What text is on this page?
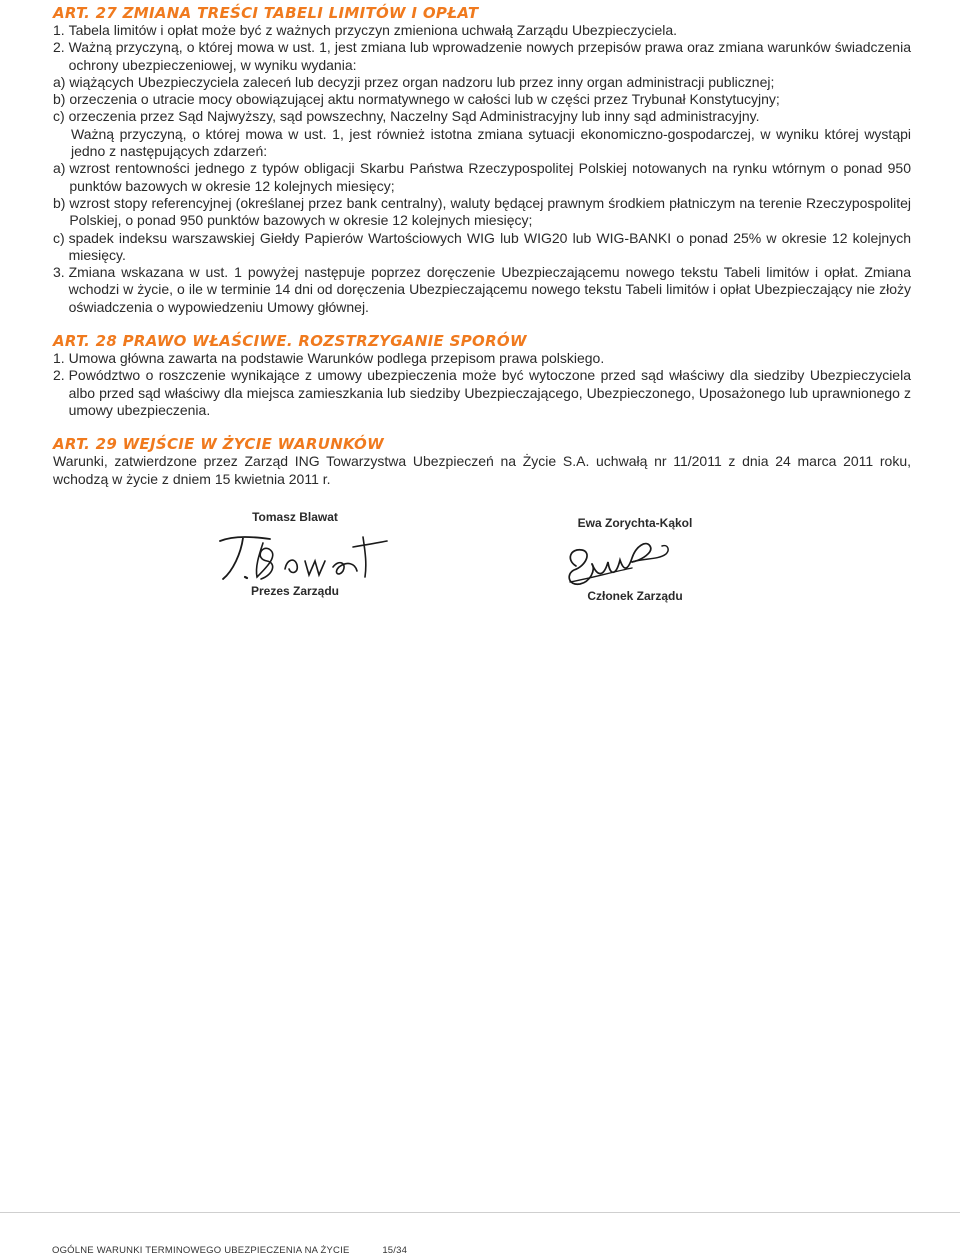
ART. 27 ZMIANA TREŚCI TABELI LIMITÓW I OPŁAT
1. Tabela limitów i opłat może być z ważnych przyczyn zmieniona uchwałą Zarządu Ubezpieczyciela.
2. Ważną przyczyną, o której mowa w ust. 1, jest zmiana lub wprowadzenie nowych przepisów prawa oraz zmiana warunków świadczenia ochrony ubezpieczeniowej, w wyniku wydania:
a) wiążących Ubezpieczyciela zaleceń lub decyzji przez organ nadzoru lub przez inny organ administracji publicznej;
b) orzeczenia o utracie mocy obowiązującej aktu normatywnego w całości lub w części przez Trybunał Konstytucyjny;
c) orzeczenia przez Sąd Najwyższy, sąd powszechny, Naczelny Sąd Administracyjny lub inny sąd administracyjny.

Ważną przyczyną, o której mowa w ust. 1, jest również istotna zmiana sytuacji ekonomiczno-gospodarczej, w wyniku której wystąpi jedno z następujących zdarzeń:

a) wzrost rentowności jednego z typów obligacji Skarbu Państwa Rzeczypospolitej Polskiej notowanych na rynku wtórnym o ponad 950 punktów bazowych w okresie 12 kolejnych miesięcy;
b) wzrost stopy referencyjnej (określanej przez bank centralny), waluty będącej prawnym środkiem płatniczym na terenie Rzeczypospolitej Polskiej, o ponad 950 punktów bazowych w okresie 12 kolejnych miesięcy;
c) spadek indeksu warszawskiej Giełdy Papierów Wartościowych WIG lub WIG20 lub WIG-BANKI o ponad 25% w okresie 12 kolejnych miesięcy.
3. Zmiana wskazana w ust. 1 powyżej następuje poprzez doręczenie Ubezpieczającemu nowego tekstu Tabeli limitów i opłat. Zmiana wchodzi w życie, o ile w terminie 14 dni od doręczenia Ubezpieczającemu nowego tekstu Tabeli limitów i opłat Ubezpieczający nie złoży oświadczenia o wypowiedzeniu Umowy głównej.
ART. 28 PRAWO WŁAŚCIWE. ROZSTRZYGANIE SPORÓW
1. Umowa główna zawarta na podstawie Warunków podlega przepisom prawa polskiego.
2. Powództwo o roszczenie wynikające z umowy ubezpieczenia może być wytoczone przed sąd właściwy dla siedziby Ubezpieczyciela albo przed sąd właściwy dla miejsca zamieszkania lub siedziby Ubezpieczającego, Ubezpieczonego, Uposażonego lub uprawnionego z umowy ubezpieczenia.
ART. 29 WEJŚCIE W ŻYCIE WARUNKÓW

Warunki, zatwierdzone przez Zarząd ING Towarzystwa Ubezpieczeń na Życie S.A. uchwałą nr 11/2011 z dnia 24 marca 2011 roku, wchodzą w życie z dniem 15 kwietnia 2011 r.

Tomasz Blawat
Prezes Zarządu
Ewa Zorychta-Kąkol
Członek Zarządu
OGÓLNE WARUNKI TERMINOWEGO UBEZPIECZENIA NA ŻYCIE	15/34
